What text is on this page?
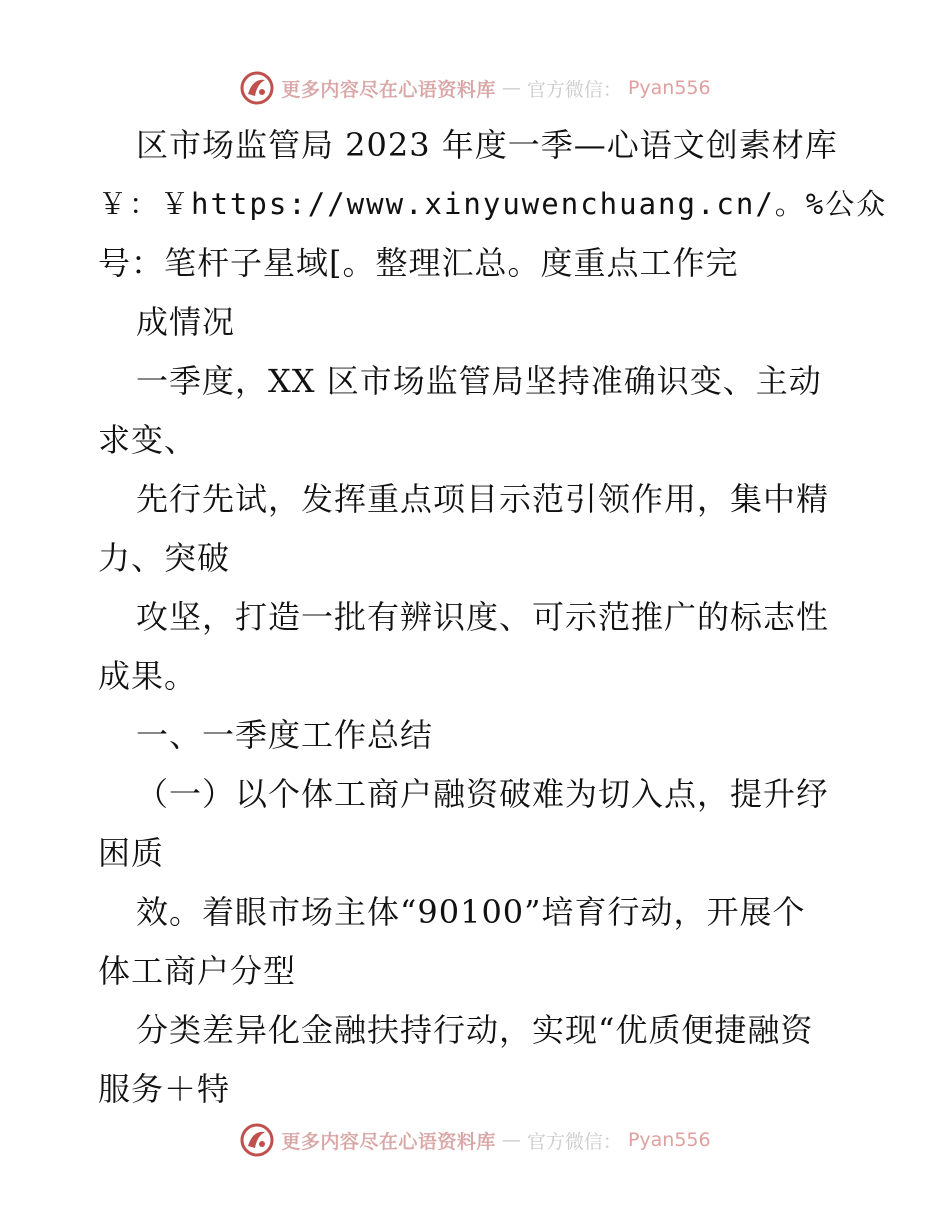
更多内容尽在心语资料库 — 官方微信： Pyan556
区市场监管局 2023 年度一季—心语文创素材库
￥：￥https://www.xinyuwenchuang.cn/。%公众
号：笔杆子星域[。整理汇总。度重点工作完
成情况
一季度，XX 区市场监管局坚持准确识变、主动
求变、
先行先试，发挥重点项目示范引领作用，集中精
力、突破
攻坚，打造一批有辨识度、可示范推广的标志性
成果。
一、一季度工作总结
（一）以个体工商户融资破难为切入点，提升纾
困质
效。着眼市场主体“90100”培育行动，开展个
体工商户分型
分类差异化金融扶持行动，实现“优质便捷融资
服务＋特
更多内容尽在心语资料库 — 官方微信： Pyan556
